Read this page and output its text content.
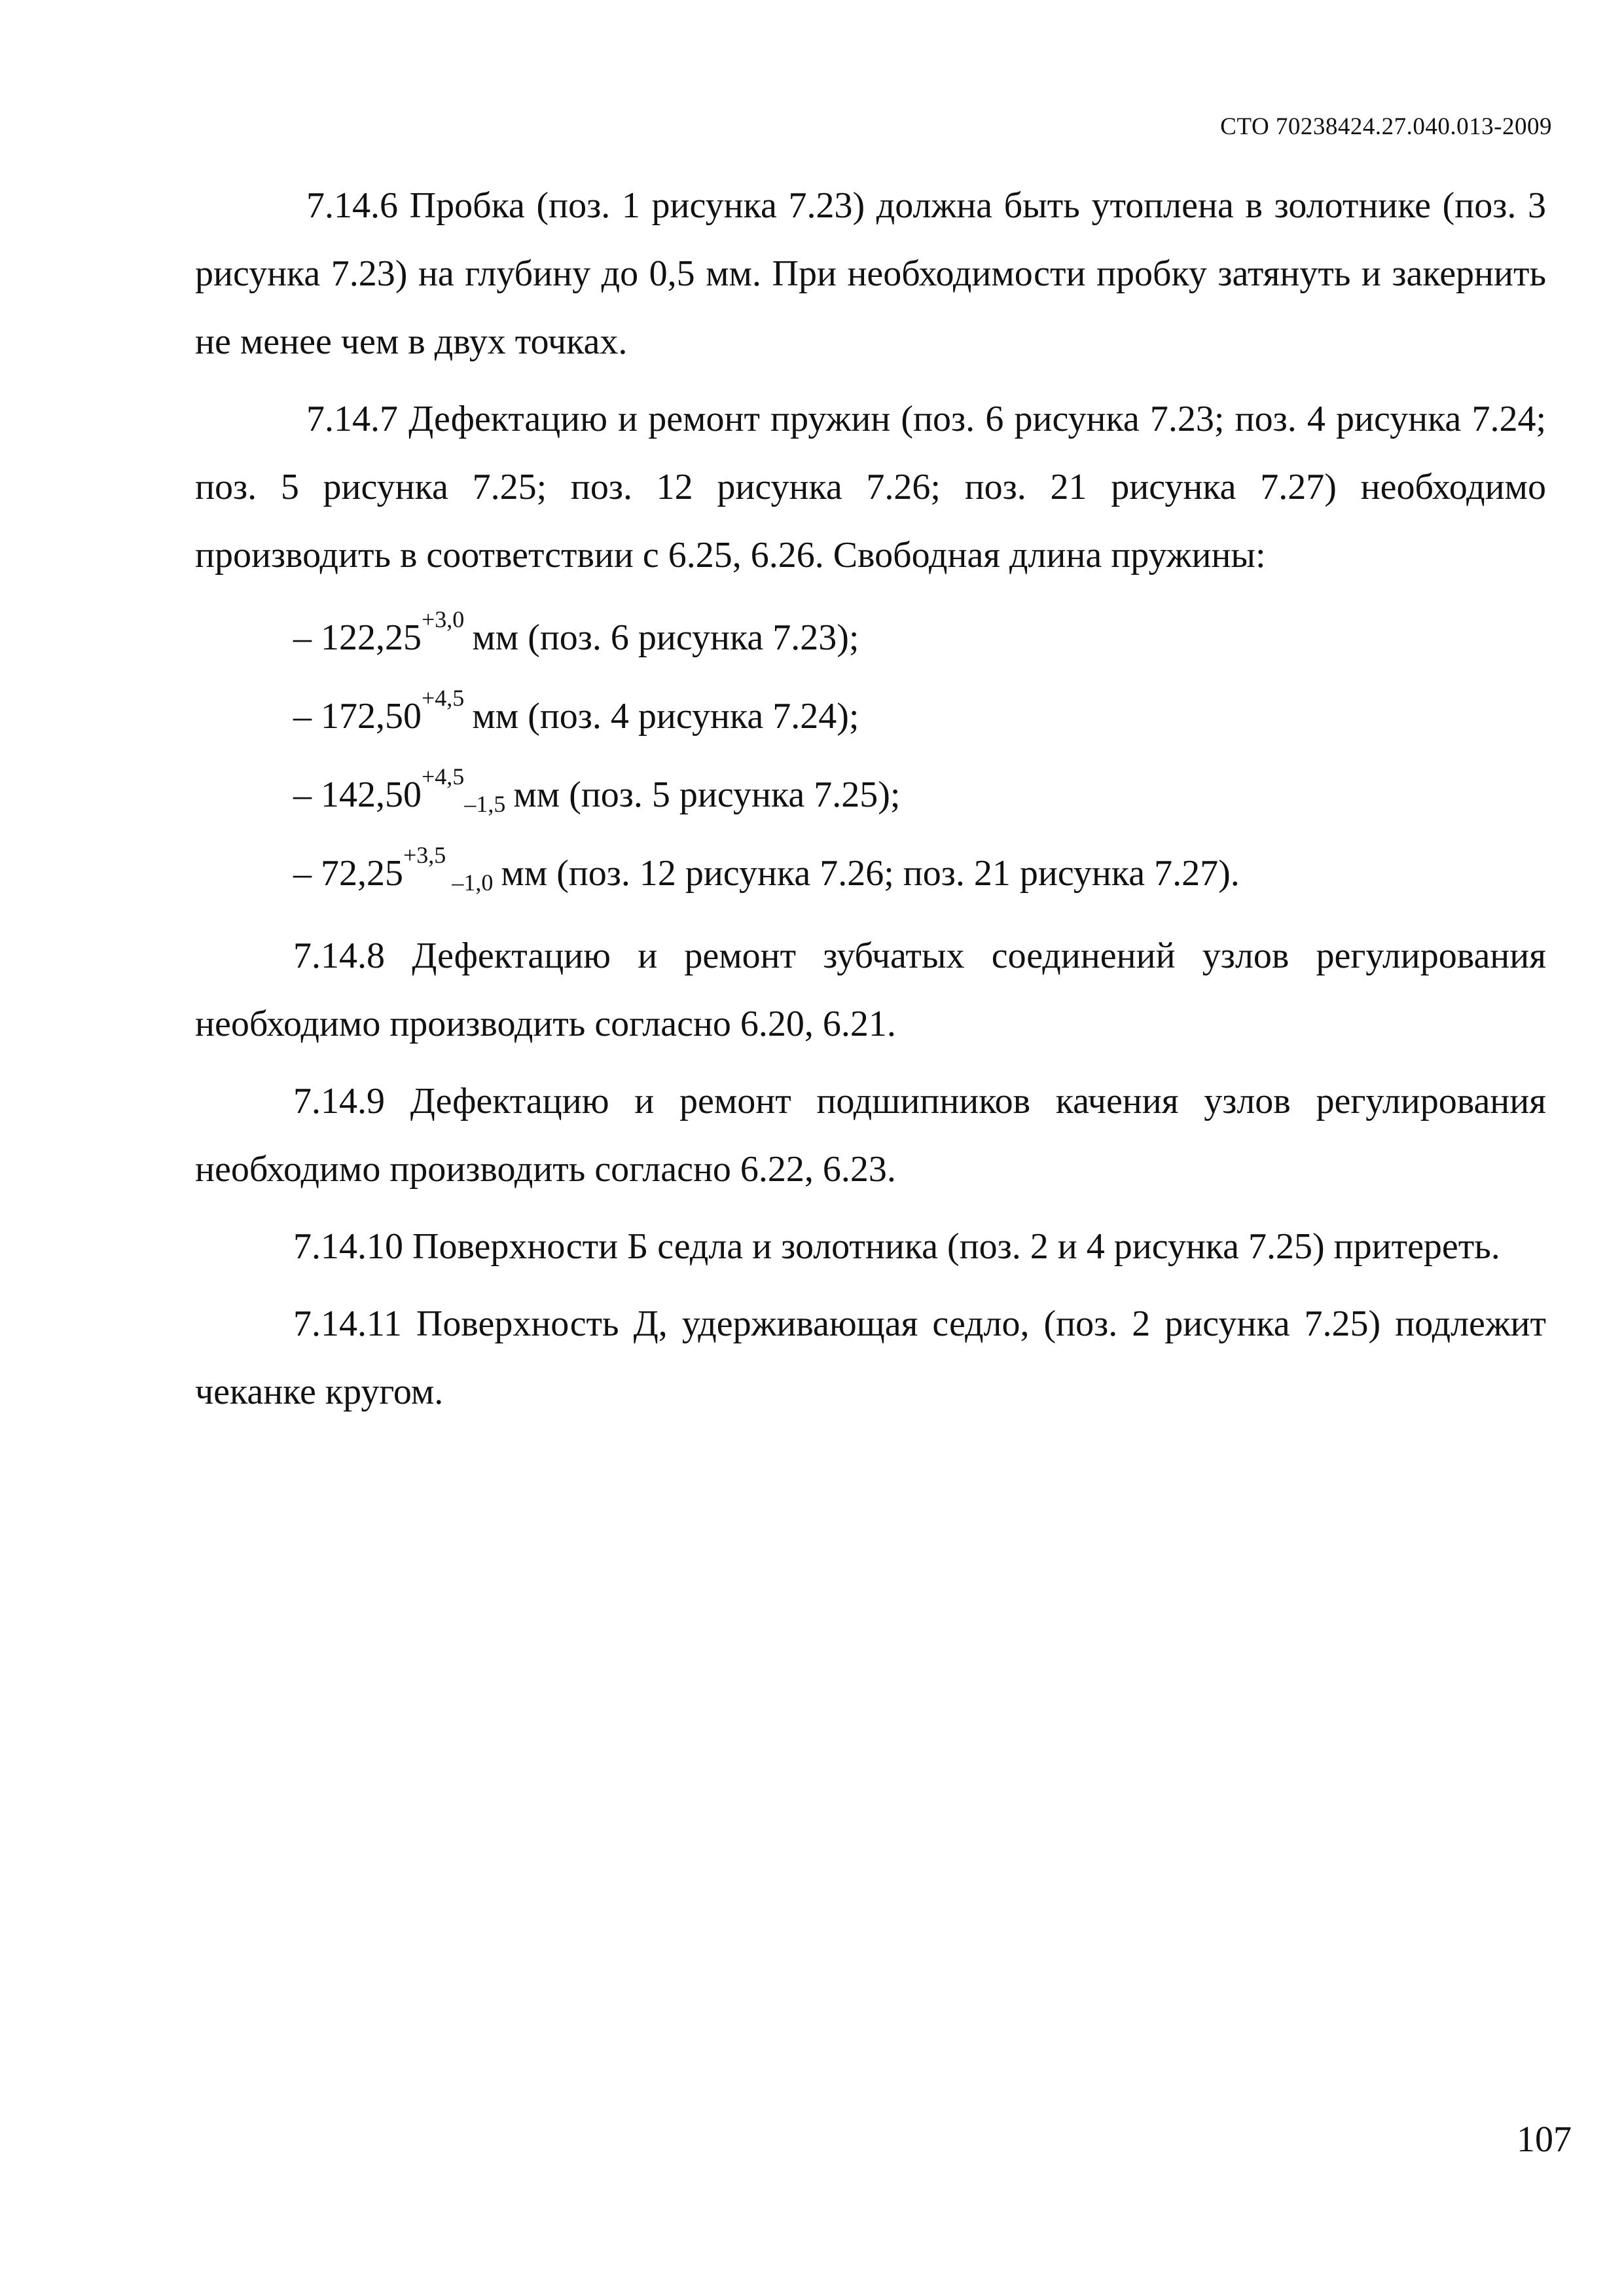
СТО 70238424.27.040.013-2009

7.14.6 Пробка (поз. 1 рисунка 7.23) должна быть утоплена в золотнике (поз. 3 рисунка 7.23) на глубину до 0,5 мм. При необходимости пробку затянуть и закернить не менее чем в двух точках.

7.14.7 Дефектацию и ремонт пружин (поз. 6 рисунка 7.23; поз. 4 рисунка 7.24; поз. 5 рисунка 7.25; поз. 12 рисунка 7.26; поз. 21 рисунка 7.27) необходимо производить в соответствии с 6.25, 6.26. Свободная длина пружины:

– 122,25 +3,0 мм (поз. 6 рисунка 7.23);
– 172,50 +4,5 мм (поз. 4 рисунка 7.24);
– 142,50 +4,5–1,5 мм (поз. 5 рисунка 7.25);
– 72,25 +3,5 –1,0 мм (поз. 12 рисунка 7.26; поз. 21 рисунка 7.27).

7.14.8 Дефектацию и ремонт зубчатых соединений узлов регулирования необходимо производить согласно 6.20, 6.21.

7.14.9 Дефектацию и ремонт подшипников качения узлов регулирования необходимо производить согласно 6.22, 6.23.

7.14.10 Поверхности Б седла и золотника (поз. 2 и 4 рисунка 7.25) притереть.

7.14.11 Поверхность Д, удерживающая седло, (поз. 2 рисунка 7.25) подлежит чеканке кругом.

107
